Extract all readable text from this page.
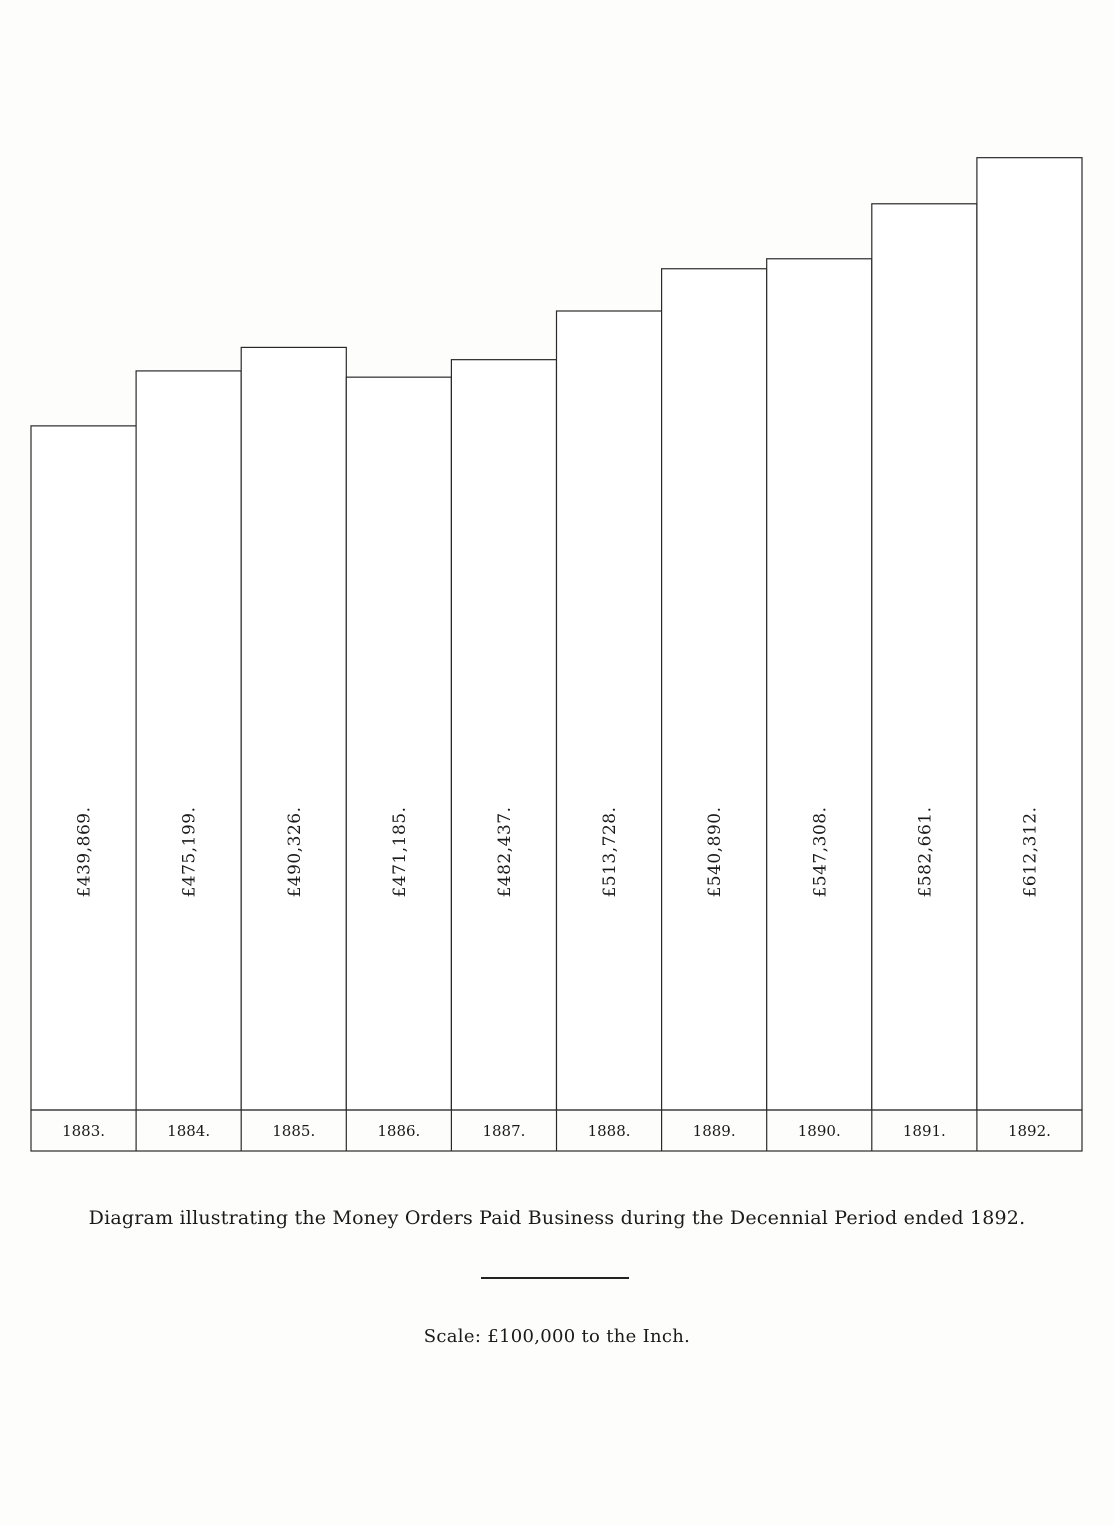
£439,869.
1883.
£475,199.
1884.
£490,326.
1885.
£471,185.
1886.
£482,437.
1887.
£513,728.
1888.
£540,890.
1889.
£547,308.
1890.
£582,661.
1891.
£612,312.
1892.
Diagram illustrating the Money Orders Paid Business during the Decennial Period ended 1892.
Scale: £100,000 to the Inch.
